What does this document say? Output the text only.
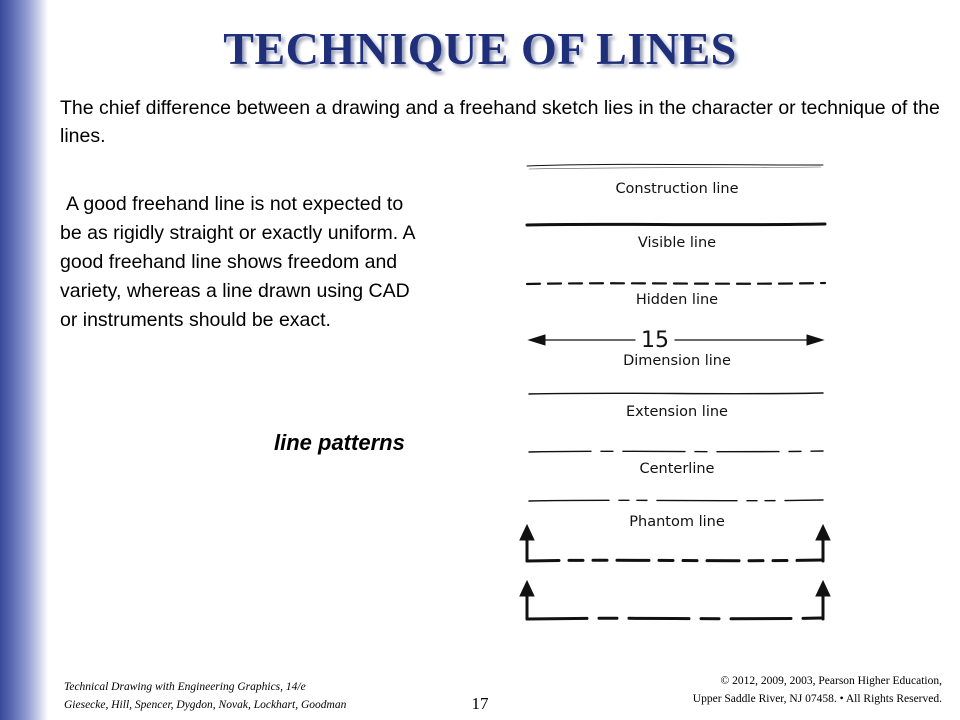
TECHNIQUE OF LINES

The chief difference between a drawing and a freehand sketch lies in the character or technique of the lines.

A good freehand line is not expected to be as rigidly straight or exactly uniform. A good freehand line shows freedom and variety, whereas a line drawn using CAD or instruments should be exact.

line patterns

Construction line
Visible line
Hidden line
15
Dimension line
Extension line
Centerline
Phantom line
Technical Drawing with Engineering Graphics, 14/e
Giesecke, Hill, Spencer, Dygdon, Novak, Lockhart, Goodman	17
© 2012, 2009, 2003, Pearson Higher Education,
Upper Saddle River, NJ 07458. • All Rights Reserved.
